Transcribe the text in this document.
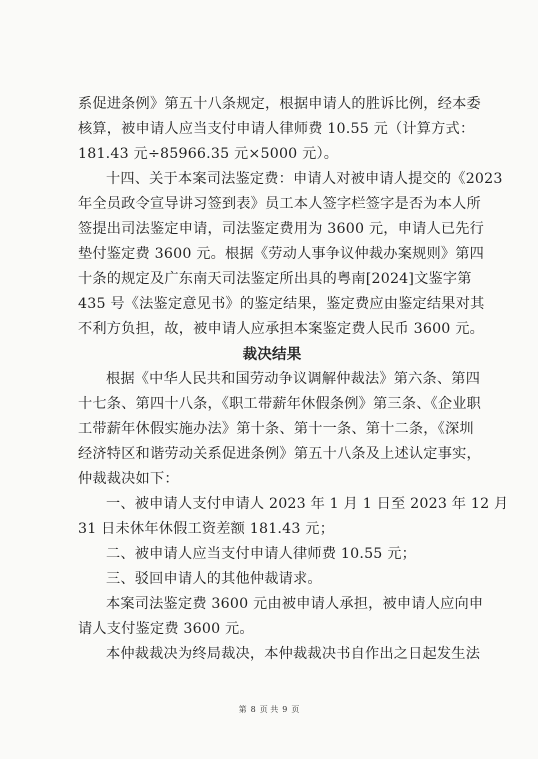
系促进条例》第五十八条规定，根据申请人的胜诉比例，经本委
核算，被申请人应当支付申请人律师费 10.55 元（计算方式：
181.43 元÷85966.35 元×5000 元）。
十四、关于本案司法鉴定费：申请人对被申请人提交的《2023
年全员政令宣导讲习签到表》员工本人签字栏签字是否为本人所
签提出司法鉴定申请，司法鉴定费用为 3600 元，申请人已先行
垫付鉴定费 3600 元。根据《劳动人事争议仲裁办案规则》第四
十条的规定及广东南天司法鉴定所出具的粤南[2024]文鉴字第
435 号《法鉴定意见书》的鉴定结果，鉴定费应由鉴定结果对其
不利方负担，故，被申请人应承担本案鉴定费人民币 3600 元。
裁决结果
根据《中华人民共和国劳动争议调解仲裁法》第六条、第四
十七条、第四十八条，《职工带薪年休假条例》第三条、《企业职
工带薪年休假实施办法》第十条、第十一条、第十二条，《深圳
经济特区和谐劳动关系促进条例》第五十八条及上述认定事实，
仲裁裁决如下：
一、被申请人支付申请人 2023 年 1 月 1 日至 2023 年 12 月
31 日未休年休假工资差额 181.43 元；
二、被申请人应当支付申请人律师费 10.55 元；
三、驳回申请人的其他仲裁请求。
本案司法鉴定费 3600 元由被申请人承担，被申请人应向申
请人支付鉴定费 3600 元。
本仲裁裁决为终局裁决，本仲裁裁决书自作出之日起发生法
第 8 页 共 9 页
